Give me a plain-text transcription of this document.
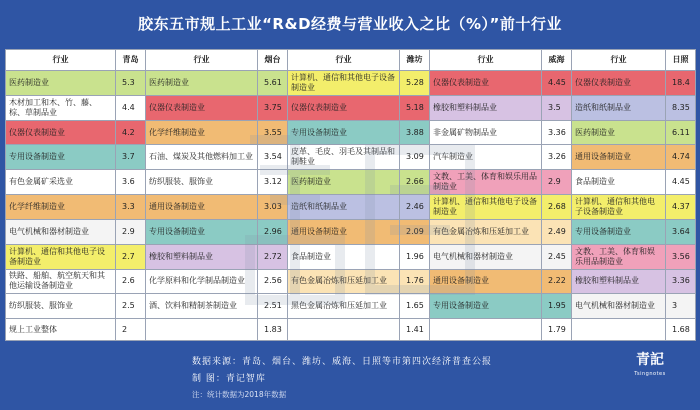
胶东五市规上工业“R&D经费与营业收入之比（%）”前十行业
行业	青岛	行业	烟台	行业	潍坊	行业	威海	行业	日照
医药制造业	5.3	医药制造业	5.61	计算机、通信和其他电子设备制造业	5.28	仪器仪表制造业	4.45	仪器仪表制造业	18.4
木材加工和木、竹、藤、棕、草制品业	4.4	仪器仪表制造业	3.75	仪器仪表制造业	5.18	橡胶和塑料制品业	3.5	造纸和纸制品业	8.35
仪器仪表制造业	4.2	化学纤维制造业	3.55	专用设备制造业	3.88	非金属矿物制品业	3.36	医药制造业	6.11
专用设备制造业	3.7	石油、煤炭及其他燃料加工业	3.54	皮革、毛皮、羽毛及其制品和制鞋业	3.09	汽车制造业	3.26	通用设备制造业	4.74
有色金属矿采选业	3.6	纺织服装、服饰业	3.12	医药制造业	2.66	文教、工美、体育和娱乐用品制造业	2.9	食品制造业	4.45
化学纤维制造业	3.3	通用设备制造业	3.03	造纸和纸制品业	2.46	计算机、通信和其他电子设备制造业	2.68	计算机、通信和其他电子设备制造业	4.37
电气机械和器材制造业	2.9	专用设备制造业	2.96	通用设备制造业	2.09	有色金属冶炼和压延加工业	2.49	专用设备制造业	3.64
计算机、通信和其他电子设备制造业	2.7	橡胶和塑料制品业	2.72	食品制造业	1.96	电气机械和器材制造业	2.45	文教、工美、体育和娱乐用品制造业	3.56
铁路、船舶、航空航天和其他运输设备制造业	2.6	化学原料和化学制品制造业	2.56	有色金属冶炼和压延加工业	1.76	通用设备制造业	2.22	橡胶和塑料制品业	3.36
纺织服装、服饰业	2.5	酒、饮料和精制茶制造业	2.51	黑色金属冶炼和压延加工业	1.65	专用设备制造业	1.95	电气机械和器材制造业	3
规上工业整体	2		1.83		1.41		1.79		1.68
数据来源：青岛、烟台、潍坊、威海、日照等市第四次经济普查公报
制 图：青记智库
注：统计数据为2018年数据
青記
Tsingnotes
